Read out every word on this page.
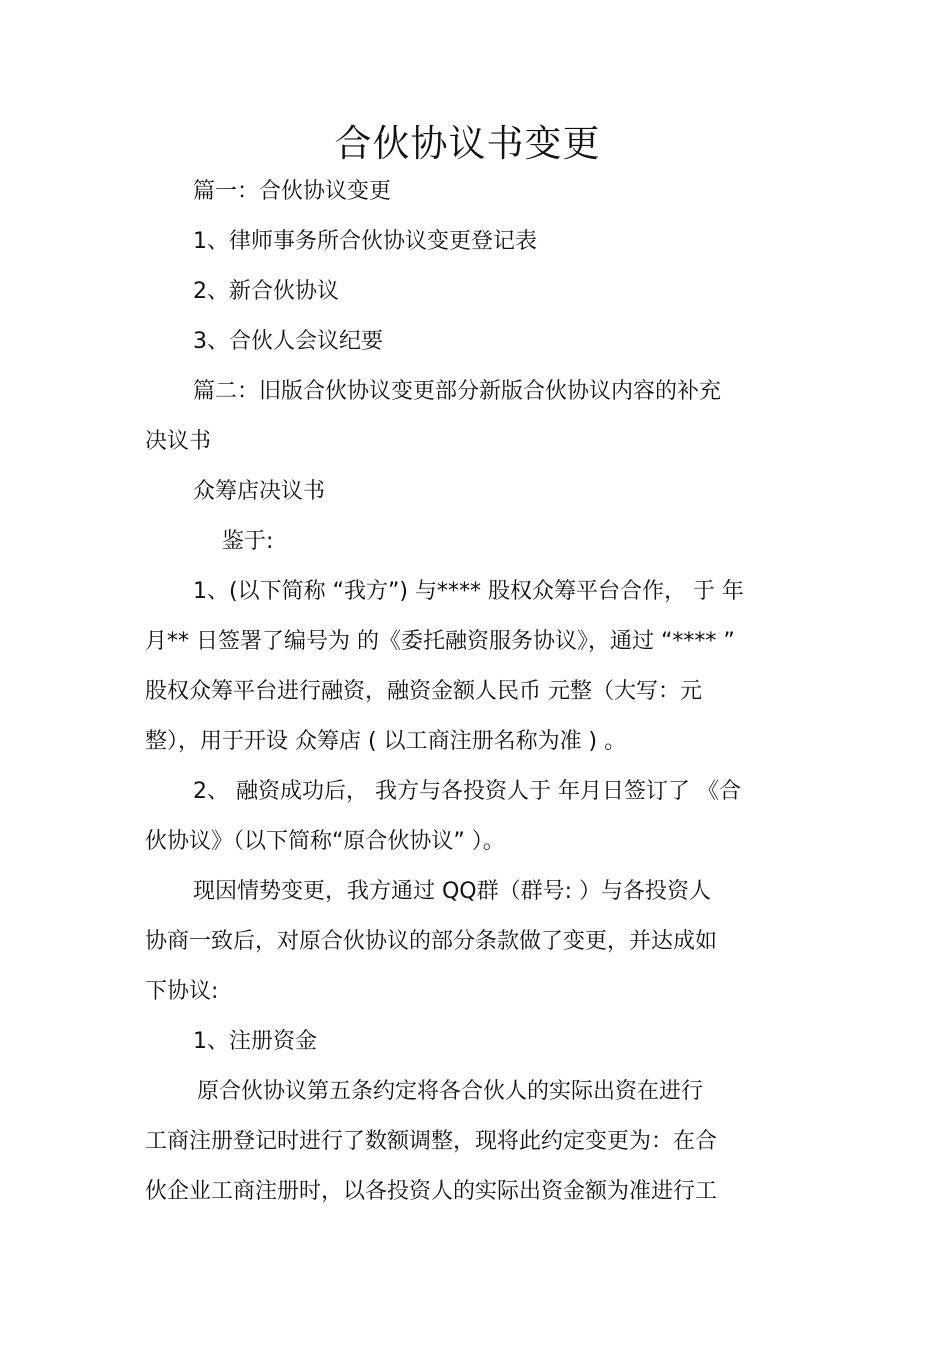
合伙协议书变更
篇一：合伙协议变更
1、律师事务所合伙协议变更登记表
2、新合伙协议
3、合伙人会议纪要
篇二：旧版合伙协议变更部分新版合伙协议内容的补充
决议书
众筹店决议书
鉴于:
1、(以下简称 “我方”) 与**** 股权众筹平台合作， 于 年
月** 日签署了编号为 的《委托融资服务协议》，通过 “**** ”
股权众筹平台进行融资，融资金额人民币 元整（大写：元
整），用于开设 众筹店 ( 以工商注册名称为准 ) 。
2、 融资成功后， 我方与各投资人于 年月日签订了 《合
伙协议》（以下简称“原合伙协议” ）。
现因情势变更，我方通过 QQ群（群号: ）与各投资人
协商一致后，对原合伙协议的部分条款做了变更，并达成如
下协议:
1、注册资金
原合伙协议第五条约定将各合伙人的实际出资在进行
工商注册登记时进行了数额调整，现将此约定变更为：在合
伙企业工商注册时，以各投资人的实际出资金额为准进行工
